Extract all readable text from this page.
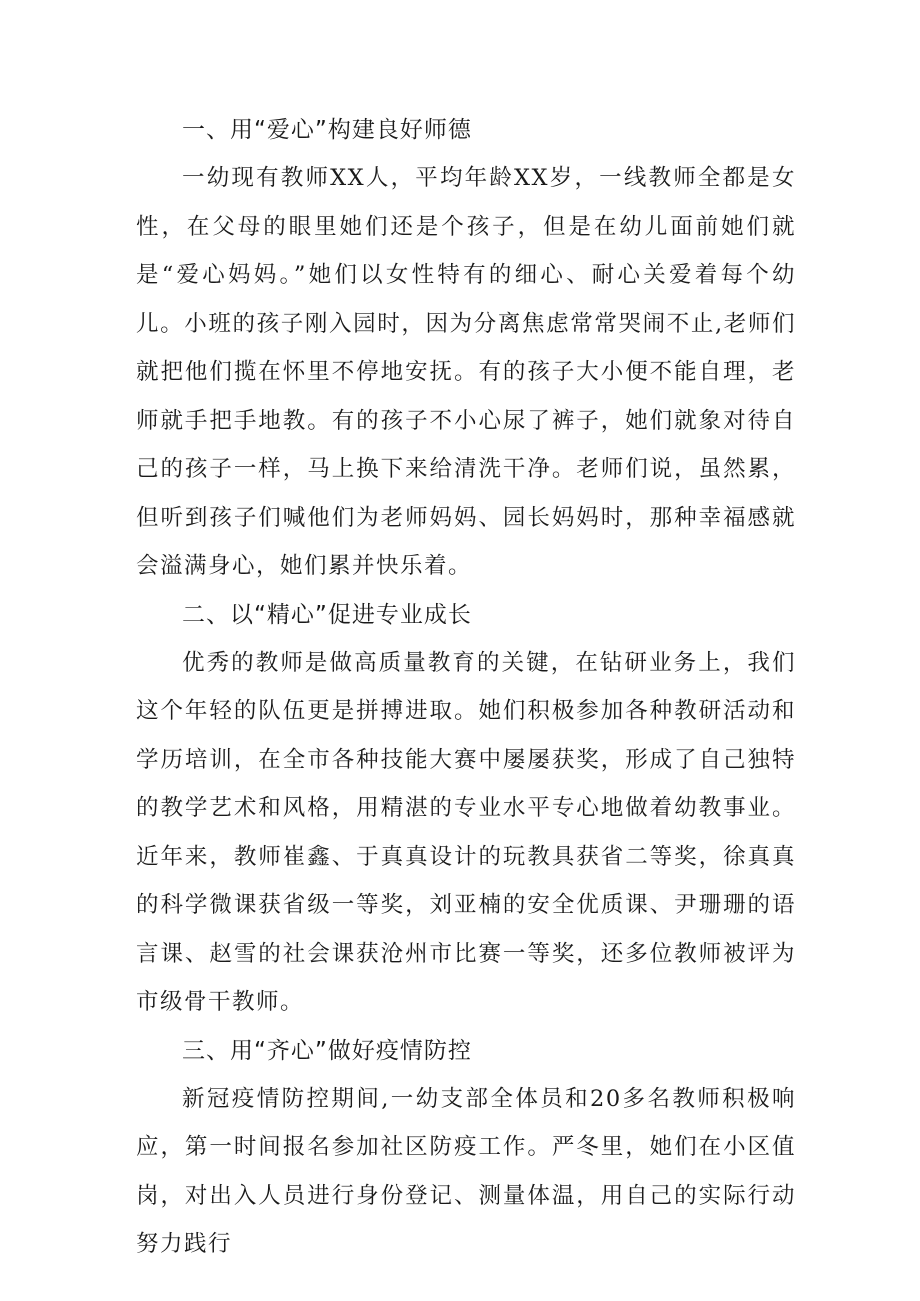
一、用“爱心”构建良好师德

一幼现有教师XX人，平均年龄XX岁，一线教师全都是女性，在父母的眼里她们还是个孩子，但是在幼儿面前她们就是“爱心妈妈。”她们以女性特有的细心、耐心关爱着每个幼儿。小班的孩子刚入园时，因为分离焦虑常常哭闹不止,老师们就把他们揽在怀里不停地安抚。有的孩子大小便不能自理，老师就手把手地教。有的孩子不小心尿了裤子，她们就象对待自己的孩子一样，马上换下来给清洗干净。老师们说，虽然累，但听到孩子们喊他们为老师妈妈、园长妈妈时，那种幸福感就会溢满身心，她们累并快乐着。

二、以“精心”促进专业成长

优秀的教师是做高质量教育的关键，在钻研业务上，我们这个年轻的队伍更是拼搏进取。她们积极参加各种教研活动和学历培训，在全市各种技能大赛中屡屡获奖，形成了自己独特的教学艺术和风格，用精湛的专业水平专心地做着幼教事业。近年来，教师崔鑫、于真真设计的玩教具获省二等奖，徐真真的科学微课获省级一等奖，刘亚楠的安全优质课、尹珊珊的语言课、赵雪的社会课获沧州市比赛一等奖，还多位教师被评为市级骨干教师。

三、用“齐心”做好疫情防控

新冠疫情防控期间,一幼支部全体员和20多名教师积极响应，第一时间报名参加社区防疫工作。严冬里，她们在小区值岗，对出入人员进行身份登记、测量体温，用自己的实际行动努力践行
